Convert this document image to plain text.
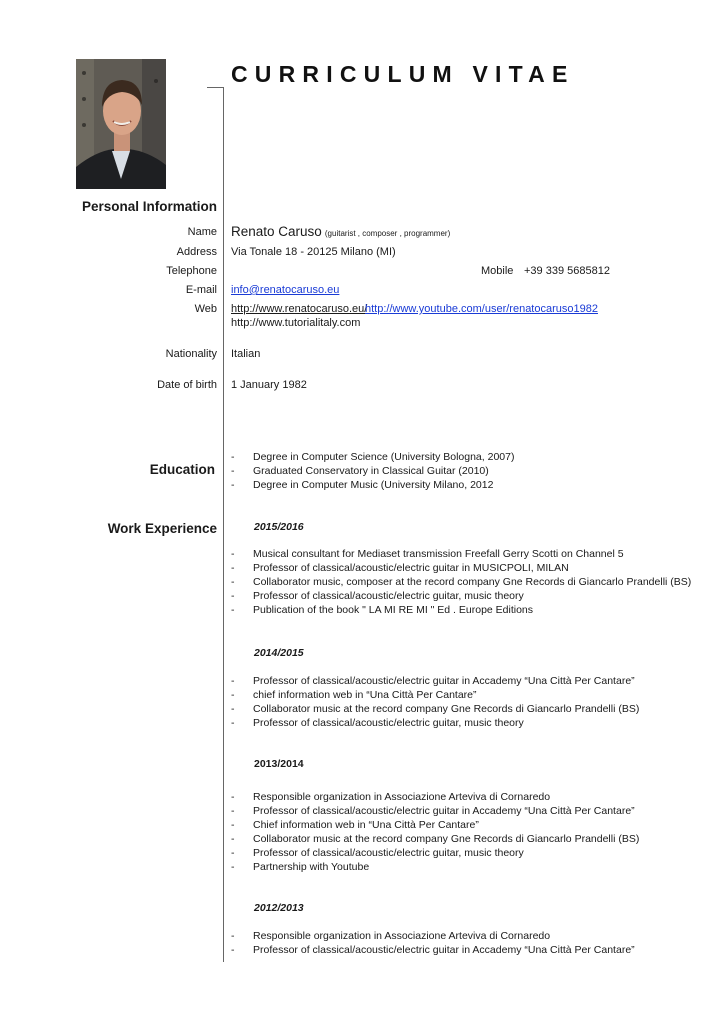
CURRICULUM VITAE
Personal Information
Name Renato Caruso (guitarist , composer , programmer)
Address Via Tonale 18 - 20125 Milano (MI)
Telephone	Mobile +39 339 5685812
E-mail info@renatocaruso.eu
Web http://www.renatocaruso.eu/
http://www.youtube.com/user/renatocaruso1982
http://www.tutorialitaly.com
Nationality Italian
Date of birth 1 January 1982
Education
- Degree in Computer Science (University Bologna, 2007)
- Graduated Conservatory in Classical Guitar (2010)
- Degree in Computer Music (University Milano, 2012
Work Experience	2015/2016
- Musical consultant for Mediaset transmission Freefall Gerry Scotti on Channel 5
- Professor of classical/acoustic/electric guitar in MUSICPOLI, MILAN
- Collaborator music, composer at the record company Gne Records di Giancarlo Prandelli (BS)
- Professor of classical/acoustic/electric guitar, music theory
- Publication of the book " LA MI RE MI " Ed . Europe Editions
2014/2015
- Professor of classical/acoustic/electric guitar in Accademy “Una Città Per Cantare”
- chief information web in “Una Città Per Cantare”
- Collaborator music at the record company Gne Records di Giancarlo Prandelli (BS)
- Professor of classical/acoustic/electric guitar, music theory
2013/2014
- Responsible organization in Associazione Arteviva di Cornaredo
- Professor of classical/acoustic/electric guitar in Accademy “Una Città Per Cantare”
- Chief information web in “Una Città Per Cantare”
- Collaborator music at the record company Gne Records di Giancarlo Prandelli (BS)
- Professor of classical/acoustic/electric guitar, music theory
- Partnership with Youtube
2012/2013
- Responsible organization in Associazione Arteviva di Cornaredo
- Professor of classical/acoustic/electric guitar in Accademy “Una Città Per Cantare”
